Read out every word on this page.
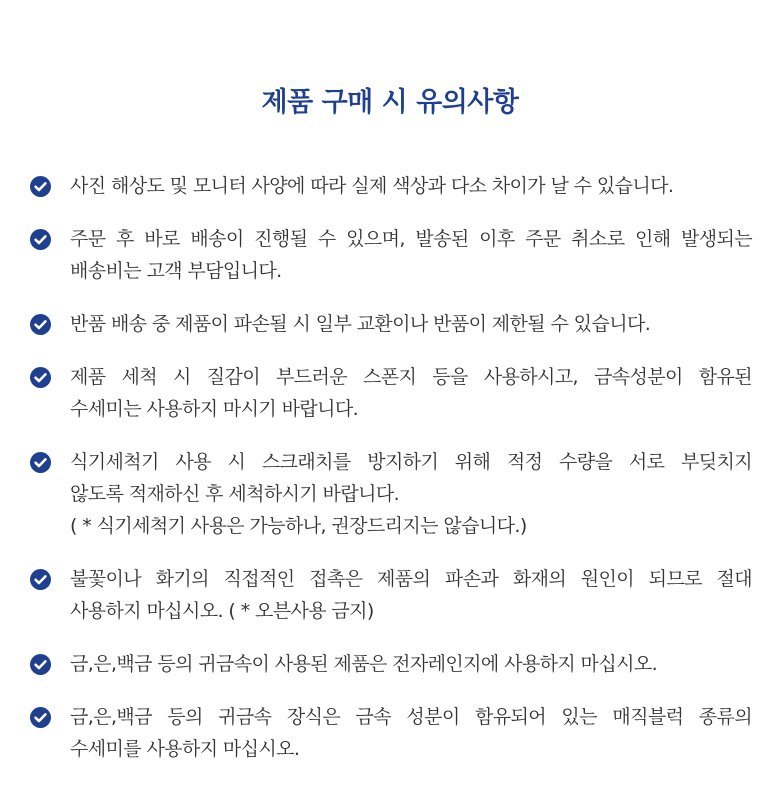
제품 구매 시 유의사항
사진 해상도 및 모니터 사양에 따라 실제 색상과 다소 차이가 날 수 있습니다.
주문 후 바로 배송이 진행될 수 있으며, 발송된 이후 주문 취소로 인해 발생되는
배송비는 고객 부담입니다.
반품 배송 중 제품이 파손될 시 일부 교환이나 반품이 제한될 수 있습니다.
제품 세척 시 질감이 부드러운 스폰지 등을 사용하시고, 금속성분이 함유된
수세미는 사용하지 마시기 바랍니다.
식기세척기 사용 시 스크래치를 방지하기 위해 적정 수량을 서로 부딪치지
않도록 적재하신 후 세척하시기 바랍니다.
( * 식기세척기 사용은 가능하나, 권장드리지는 않습니다.)
불꽃이나 화기의 직접적인 접촉은 제품의 파손과 화재의 원인이 되므로 절대
사용하지 마십시오. ( * 오븐사용 금지)
금,은,백금 등의 귀금속이 사용된 제품은 전자레인지에 사용하지 마십시오.
금,은,백금 등의 귀금속 장식은 금속 성분이 함유되어 있는 매직블럭 종류의
수세미를 사용하지 마십시오.
